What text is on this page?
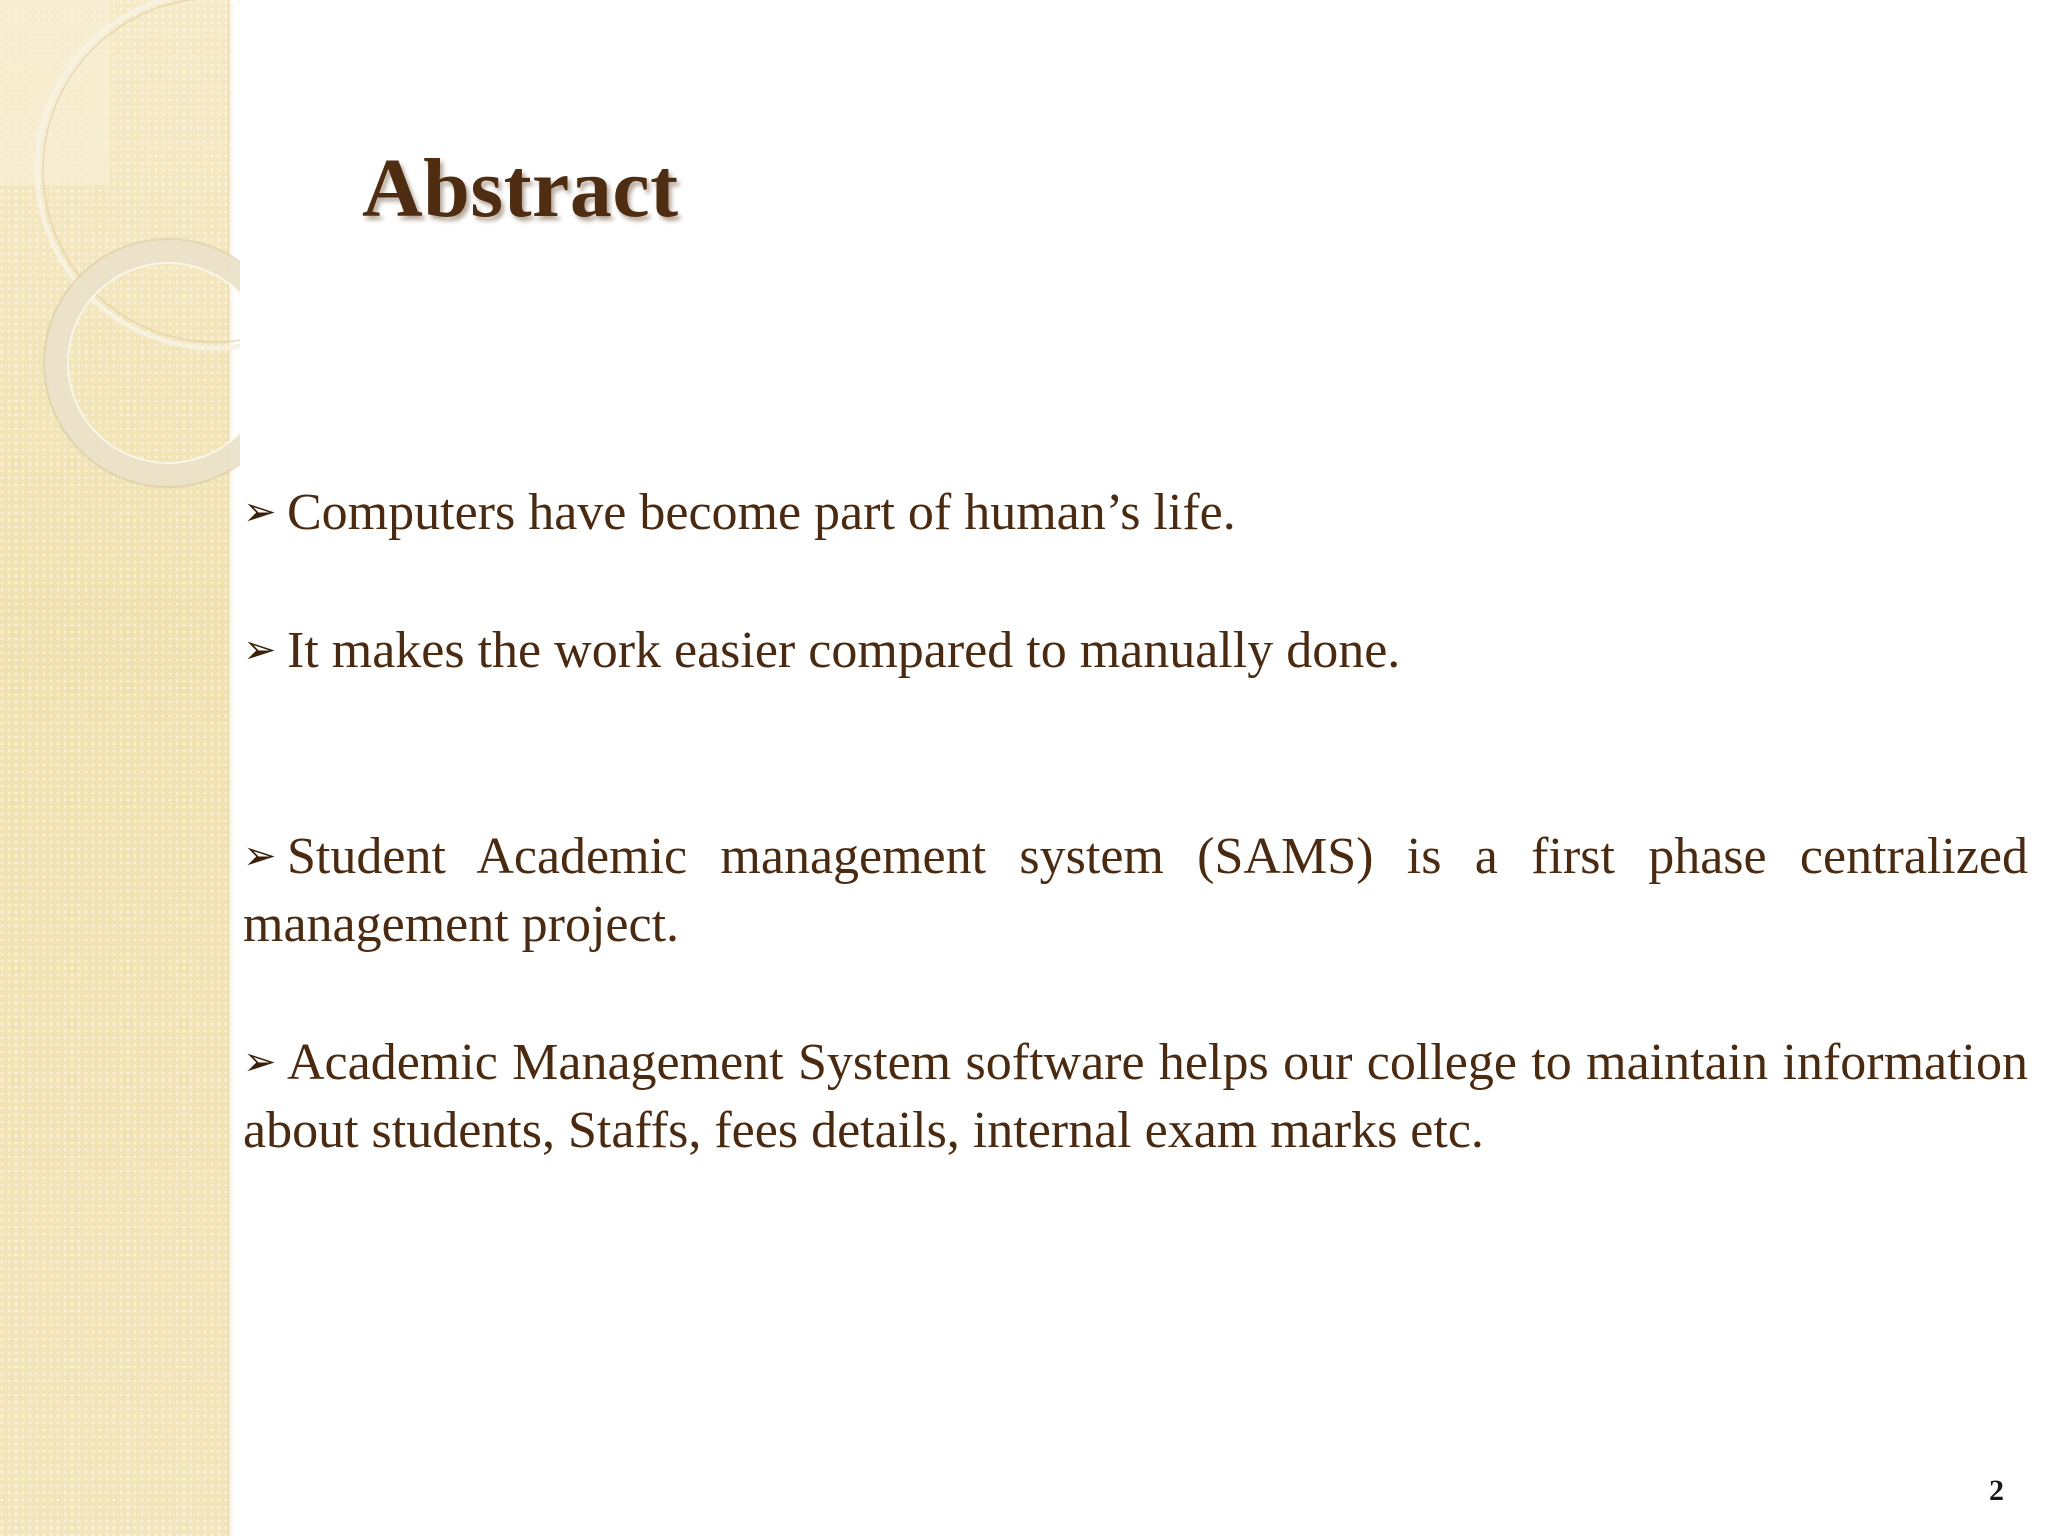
Abstract
➢ Computers have become part of human’s life.
➢ It makes the work easier compared to manually done.
➢ Student Academic management system (SAMS) is a first phase centralized management project.
➢ Academic Management System software helps our college to maintain information about students, Staffs, fees details, internal exam marks etc.
2
